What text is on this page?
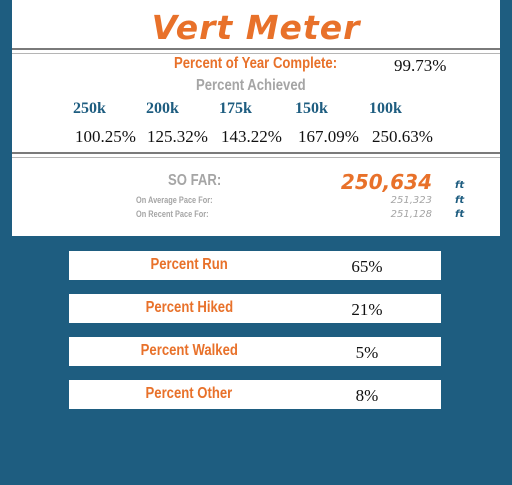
Vert Meter
Percent of Year Complete:	99.73%
Percent Achieved
250k	200k	175k	150k	100k
100.25% 125.32% 143.22% 167.09% 250.63%
SO FAR:	250,634 ft
On Average Pace For:	251,323 ft
On Recent Pace For:	251,128 ft
Percent Run	65%
Percent Hiked	21%
Percent Walked	5%
Percent Other	8%
